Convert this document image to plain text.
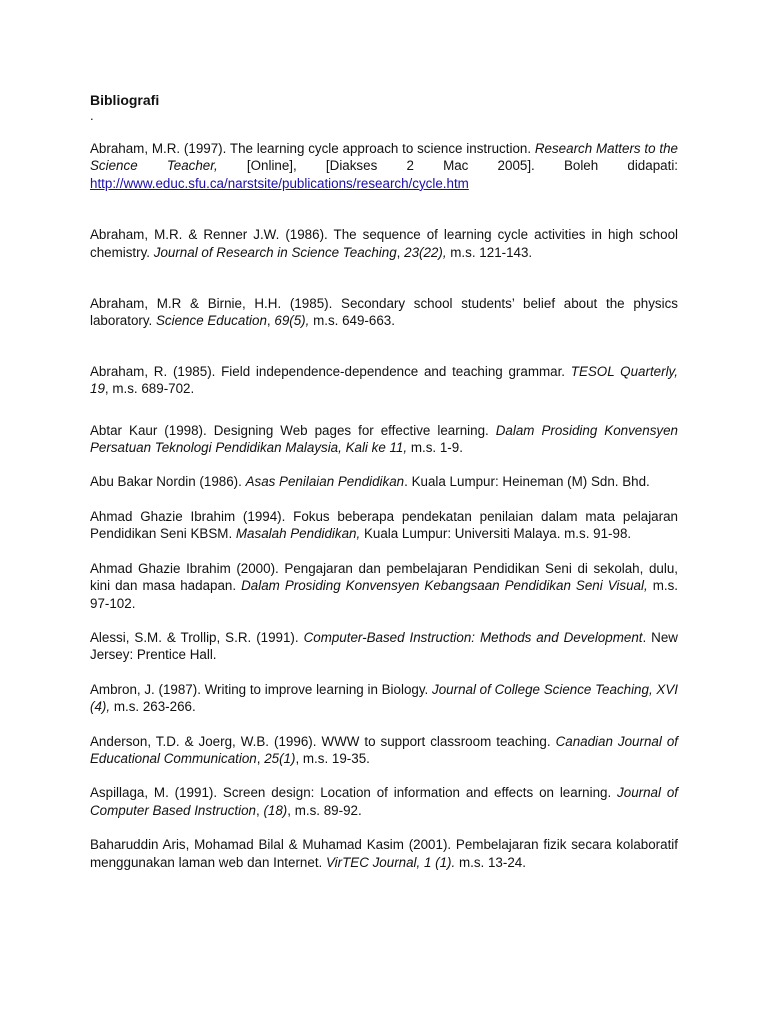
Bibliografi
.

Abraham, M.R. (1997). The learning cycle approach to science instruction. Research Matters to the Science Teacher, [Online], [Diakses 2 Mac 2005]. Boleh didapati: http://www.educ.sfu.ca/narstsite/publications/research/cycle.htm

Abraham, M.R. & Renner J.W. (1986). The sequence of learning cycle activities in high school chemistry. Journal of Research in Science Teaching, 23(22), m.s. 121-143.

Abraham, M.R & Birnie, H.H. (1985). Secondary school students’ belief about the physics laboratory. Science Education, 69(5), m.s. 649-663.

Abraham, R. (1985). Field independence-dependence and teaching grammar. TESOL Quarterly, 19, m.s. 689-702.

Abtar Kaur (1998). Designing Web pages for effective learning. Dalam Prosiding Konvensyen Persatuan Teknologi Pendidikan Malaysia, Kali ke 11, m.s. 1-9.

Abu Bakar Nordin (1986). Asas Penilaian Pendidikan. Kuala Lumpur: Heineman (M) Sdn. Bhd.

Ahmad Ghazie Ibrahim (1994). Fokus beberapa pendekatan penilaian dalam mata pelajaran Pendidikan Seni KBSM. Masalah Pendidikan, Kuala Lumpur: Universiti Malaya. m.s. 91-98.

Ahmad Ghazie Ibrahim (2000). Pengajaran dan pembelajaran Pendidikan Seni di sekolah, dulu, kini dan masa hadapan. Dalam Prosiding Konvensyen Kebangsaan Pendidikan Seni Visual, m.s. 97-102.

Alessi, S.M. & Trollip, S.R. (1991). Computer-Based Instruction: Methods and Development. New Jersey: Prentice Hall.

Ambron, J. (1987). Writing to improve learning in Biology. Journal of College Science Teaching, XVI (4), m.s. 263-266.

Anderson, T.D. & Joerg, W.B. (1996). WWW to support classroom teaching. Canadian Journal of Educational Communication, 25(1), m.s. 19-35.

Aspillaga, M. (1991). Screen design: Location of information and effects on learning. Journal of Computer Based Instruction, (18), m.s. 89-92.

Baharuddin Aris, Mohamad Bilal & Muhamad Kasim (2001). Pembelajaran fizik secara kolaboratif menggunakan laman web dan Internet. VirTEC Journal, 1 (1). m.s. 13-24.
